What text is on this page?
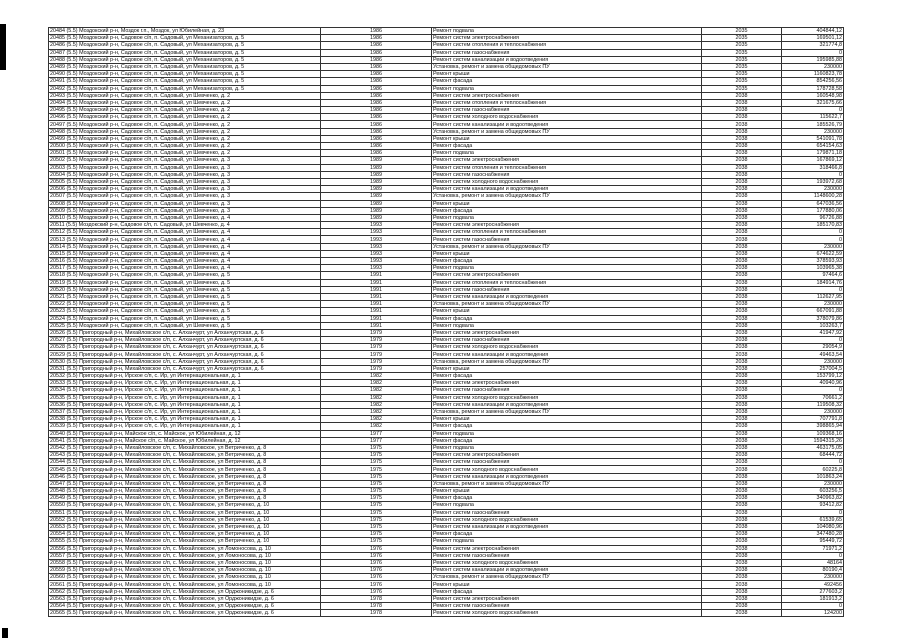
20484 (5.5) Моздокский р-н, Моздок г.п., Моздок, ул Юбилейная, д. 23	1986	Ремонт подвала	2035	404844,12
20485 (5.5) Моздокский р-н, Садовое с/п, п. Садовый, ул Механизаторов, д. 5	1986	Ремонт систем электроснабжения	2035	169501,12
20486 (5.5) Моздокский р-н, Садовое с/п, п. Садовый, ул Механизаторов, д. 5	1986	Ремонт систем отопления и теплоснабжения	2035	321774,8
20487 (5.5) Моздокский р-н, Садовое с/п, п. Садовый, ул Механизаторов, д. 5	1986	Ремонт систем газоснабжения	2035	0
20488 (5.5) Моздокский р-н, Садовое с/п, п. Садовый, ул Механизаторов, д. 5	1986	Ремонт систем канализации и водоотведения	2035	195985,88
20489 (5.5) Моздокский р-н, Садовое с/п, п. Садовый, ул Механизаторов, д. 5	1986	Установка, ремонт и замена общедомовых ПУ	2035	230000
20490 (5.5) Моздокский р-н, Садовое с/п, п. Садовый, ул Механизаторов, д. 5	1986	Ремонт крыши	2035	1160823,78
20491 (5.5) Моздокский р-н, Садовое с/п, п. Садовый, ул Механизаторов, д. 5	1986	Ремонт фасада	2035	854256,56
20492 (5.5) Моздокский р-н, Садовое с/п, п. Садовый, ул Механизаторов, д. 5	1986	Ремонт подвала	2035	178728,58
20493 (5.5) Моздокский р-н, Садовое с/п, п. Садовый, ул Шевченко, д. 2	1986	Ремонт систем электроснабжения	2038	160548,98
20494 (5.5) Моздокский р-н, Садовое с/п, п. Садовый, ул Шевченко, д. 2	1986	Ремонт систем отопления и теплоснабжения	2038	321675,66
20495 (5.5) Моздокский р-н, Садовое с/п, п. Садовый, ул Шевченко, д. 2	1986	Ремонт систем газоснабжения	2038	0
20496 (5.5) Моздокский р-н, Садовое с/п, п. Садовый, ул Шевченко, д. 2	1986	Ремонт систем холодного водоснабжения	2038	115622,7
20497 (5.5) Моздокский р-н, Садовое с/п, п. Садовый, ул Шевченко, д. 2	1986	Ремонт систем канализации и водоотведения	2038	185526,79
20498 (5.5) Моздокский р-н, Садовое с/п, п. Садовый, ул Шевченко, д. 2	1986	Установка, ремонт и замена общедомовых ПУ	2038	230000
20499 (5.5) Моздокский р-н, Садовое с/п, п. Садовый, ул Шевченко, д. 2	1986	Ремонт крыши	2038	541091,78
20500 (5.5) Моздокский р-н, Садовое с/п, п. Садовый, ул Шевченко, д. 2	1986	Ремонт фасада	2038	654154,63
20501 (5.5) Моздокский р-н, Садовое с/п, п. Садовый, ул Шевченко, д. 2	1986	Ремонт подвала	2038	179871,18
20502 (5.5) Моздокский р-н, Садовое с/п, п. Садовый, ул Шевченко, д. 3	1989	Ремонт систем электроснабжения	2038	167869,12
20503 (5.5) Моздокский р-н, Садовое с/п, п. Садовый, ул Шевченко, д. 3	1989	Ремонт систем отопления и теплоснабжения	2038	318466,8
20504 (5.5) Моздокский р-н, Садовое с/п, п. Садовый, ул Шевченко, д. 3	1989	Ремонт систем газоснабжения	2038	0
20505 (5.5) Моздокский р-н, Садовое с/п, п. Садовый, ул Шевченко, д. 3	1989	Ремонт систем холодного водоснабжения	2038	193972,68
20506 (5.5) Моздокский р-н, Садовое с/п, п. Садовый, ул Шевченко, д. 3	1989	Ремонт систем канализации и водоотведения	2038	230000
20507 (5.5) Моздокский р-н, Садовое с/п, п. Садовый, ул Шевченко, д. 3	1989	Установка, ремонт и замена общедомовых ПУ	2038	1148600,28
20508 (5.5) Моздокский р-н, Садовое с/п, п. Садовый, ул Шевченко, д. 3	1989	Ремонт крыши	2038	647036,56
20509 (5.5) Моздокский р-н, Садовое с/п, п. Садовый, ул Шевченко, д. 3	1989	Ремонт фасада	2038	177880,06
20510 (5.5) Моздокский р-н, Садовое с/п, п. Садовый, ул Шевченко, д. 4	1989	Ремонт подвала	2038	96726,88
20511 (5.5) Моздокский р-н, Садовое с/п, п. Садовый, ул Шевченко, д. 4	1993	Ремонт систем электроснабжения	2038	185170,83
20512 (5.5) Моздокский р-н, Садовое с/п, п. Садовый, ул Шевченко, д. 4	1993	Ремонт систем отопления и теплоснабжения	2038	0
20513 (5.5) Моздокский р-н, Садовое с/п, п. Садовый, ул Шевченко, д. 4	1993	Ремонт систем газоснабжения	2038	0
20514 (5.5) Моздокский р-н, Садовое с/п, п. Садовый, ул Шевченко, д. 4	1993	Установка, ремонт и замена общедомовых ПУ	2038	230000
20515 (5.5) Моздокский р-н, Садовое с/п, п. Садовый, ул Шевченко, д. 4	1993	Ремонт крыши	2038	674622,59
20516 (5.5) Моздокский р-н, Садовое с/п, п. Садовый, ул Шевченко, д. 4	1993	Ремонт фасада	2038	378593,93
20517 (5.5) Моздокский р-н, Садовое с/п, п. Садовый, ул Шевченко, д. 4	1993	Ремонт подвала	2038	103965,38
20518 (5.5) Моздокский р-н, Садовое с/п, п. Садовый, ул Шевченко, д. 5	1991	Ремонт систем электроснабжения	2038	97464,6
20519 (5.5) Моздокский р-н, Садовое с/п, п. Садовый, ул Шевченко, д. 5	1991	Ремонт систем отопления и теплоснабжения	2038	184914,76
20520 (5.5) Моздокский р-н, Садовое с/п, п. Садовый, ул Шевченко, д. 5	1991	Ремонт систем газоснабжения	2038	0
20521 (5.5) Моздокский р-н, Садовое с/п, п. Садовый, ул Шевченко, д. 5	1991	Ремонт систем канализации и водоотведения	2038	112627,95
20522 (5.5) Моздокский р-н, Садовое с/п, п. Садовый, ул Шевченко, д. 5	1991	Установка, ремонт и замена общедомовых ПУ	2038	230000
20523 (5.5) Моздокский р-н, Садовое с/п, п. Садовый, ул Шевченко, д. 5	1991	Ремонт крыши	2038	667091,88
20524 (5.5) Моздокский р-н, Садовое с/п, п. Садовый, ул Шевченко, д. 5	1991	Ремонт фасада	2038	378079,86
20525 (5.5) Моздокский р-н, Садовое с/п, п. Садовый, ул Шевченко, д. 5	1991	Ремонт подвала	2038	103263,7
20526 (5.5) Пригородный р-н, Михайловское с/п, с. Алханчурт, ул Алханчуртская, д. 6	1979	Ремонт систем электроснабжения	2038	41947,92
20527 (5.5) Пригородный р-н, Михайловское с/п, с. Алханчурт, ул Алханчуртская, д. 6	1979	Ремонт систем газоснабжения	2038	0
20528 (5.5) Пригородный р-н, Михайловское с/п, с. Алханчурт, ул Алханчуртская, д. 6	1979	Ремонт систем холодного водоснабжения	2038	29054,9
20529 (5.5) Пригородный р-н, Михайловское с/п, с. Алханчурт, ул Алханчуртская, д. 6	1979	Ремонт систем канализации и водоотведения	2038	49463,54
20530 (5.5) Пригородный р-н, Михайловское с/п, с. Алханчурт, ул Алханчуртская, д. 6	1979	Установка, ремонт и замена общедомовых ПУ	2038	230000
20531 (5.5) Пригородный р-н, Михайловское с/п, с. Алханчурт, ул Алханчуртская, д. 6	1979	Ремонт крыши	2038	257004,5
20532 (5.5) Пригородный р-н, Ирское с/п, с. Ир, ул Интернациональная, д. 1	1982	Ремонт фасада	2038	153799,12
20533 (5.5) Пригородный р-н, Ирское с/п, с. Ир, ул Интернациональная, д. 1	1982	Ремонт систем электроснабжения	2038	40940,96
20534 (5.5) Пригородный р-н, Ирское с/п, с. Ир, ул Интернациональная, д. 1	1982	Ремонт систем газоснабжения	2038	0
20535 (5.5) Пригородный р-н, Ирское с/п, с. Ир, ул Интернациональная, д. 1	1982	Ремонт систем холодного водоснабжения	2038	70661,2
20536 (5.5) Пригородный р-н, Ирское с/п, с. Ир, ул Интернациональная, д. 1	1982	Ремонт систем канализации и водоотведения	2038	119508,32
20537 (5.5) Пригородный р-н, Ирское с/п, с. Ир, ул Интернациональная, д. 1	1982	Установка, ремонт и замена общедомовых ПУ	2038	230000
20538 (5.5) Пригородный р-н, Ирское с/п, с. Ир, ул Интернациональная, д. 1	1982	Ремонт крыши	2038	707791,8
20539 (5.5) Пригородный р-н, Ирское с/п, с. Ир, ул Интернациональная, д. 1	1982	Ремонт фасада	2038	398865,94
20540 (5.5) Пригородный р-н, Майское с/п, с. Майское, ул Юбилейная, д. 12	1977	Ремонт подвала	2038	109368,16
20541 (5.5) Пригородный р-н, Майское с/п, с. Майское, ул Юбилейная, д. 12	1977	Ремонт фасада	2038	1594315,26
20542 (5.5) Пригородный р-н, Михайловское с/п, с. Михайловское, ул Ветриченко, д. 8	1975	Ремонт подвала	2038	463175,05
20543 (5.5) Пригородный р-н, Михайловское с/п, с. Михайловское, ул Ветриченко, д. 8	1975	Ремонт систем электроснабжения	2038	68444,72
20544 (5.5) Пригородный р-н, Михайловское с/п, с. Михайловское, ул Ветриченко, д. 8	1975	Ремонт систем газоснабжения	2038	0
20545 (5.5) Пригородный р-н, Михайловское с/п, с. Михайловское, ул Ветриченко, д. 8	1975	Ремонт систем холодного водоснабжения	2038	60225,8
20546 (5.5) Пригородный р-н, Михайловское с/п, с. Михайловское, ул Ветриченко, д. 8	1975	Ремонт систем канализации и водоотведения	2038	101863,24
20547 (5.5) Пригородный р-н, Михайловское с/п, с. Михайловское, ул Ветриченко, д. 8	1975	Установка, ремонт и замена общедомовых ПУ	2038	230000
20548 (5.5) Пригородный р-н, Михайловское с/п, с. Михайловское, ул Ветриченко, д. 8	1975	Ремонт крыши	2038	603256,5
20549 (5.5) Пригородный р-н, Михайловское с/п, с. Михайловское, ул Ветриченко, д. 8	1975	Ремонт фасада	2038	340963,82
20550 (5.5) Пригородный р-н, Михайловское с/п, с. Михайловское, ул Ветриченко, д. 10	1975	Ремонт подвала	2038	93412,82
20551 (5.5) Пригородный р-н, Михайловское с/п, с. Михайловское, ул Ветриченко, д. 10	1975	Ремонт систем газоснабжения	2038	0
20552 (5.5) Пригородный р-н, Михайловское с/п, с. Михайловское, ул Ветриченко, д. 10	1975	Ремонт систем холодного водоснабжения	2038	61539,65
20553 (5.5) Пригородный р-н, Михайловское с/п, с. Михайловское, ул Ветриченко, д. 10	1975	Ремонт систем канализации и водоотведения	2038	104080,96
20554 (5.5) Пригородный р-н, Михайловское с/п, с. Михайловское, ул Ветриченко, д. 10	1975	Ремонт фасада	2038	347480,28
20555 (5.5) Пригородный р-н, Михайловское с/п, с. Михайловское, ул Ветриченко, д. 10	1975	Ремонт подвала	2038	95449,72
20556 (5.5) Пригородный р-н, Михайловское с/п, с. Михайловское, ул Ломоносова, д. 10	1976	Ремонт систем электроснабжения	2038	71971,2
20557 (5.5) Пригородный р-н, Михайловское с/п, с. Михайловское, ул Ломоносова, д. 10	1976	Ремонт систем газоснабжения	2038	0
20558 (5.5) Пригородный р-н, Михайловское с/п, с. Михайловское, ул Ломоносова, д. 10	1976	Ремонт систем холодного водоснабжения	2038	48164
20559 (5.5) Пригородный р-н, Михайловское с/п, с. Михайловское, ул Ломоносова, д. 10	1976	Ремонт систем канализации и водоотведения	2038	80190,4
20560 (5.5) Пригородный р-н, Михайловское с/п, с. Михайловское, ул Ломоносова, д. 10	1976	Установка, ремонт и замена общедомовых ПУ	2038	230000
20561 (5.5) Пригородный р-н, Михайловское с/п, с. Михайловское, ул Ломоносова, д. 10	1976	Ремонт крыши	2038	492456
20562 (5.5) Пригородный р-н, Михайловское с/п, с. Михайловское, ул Орджоникидзе, д. 6	1976	Ремонт фасада	2038	277603,2
20563 (5.5) Пригородный р-н, Михайловское с/п, с. Михайловское, ул Орджоникидзе, д. 6	1978	Ремонт систем электроснабжения	2038	181913,2
20564 (5.5) Пригородный р-н, Михайловское с/п, с. Михайловское, ул Орджоникидзе, д. 6	1978	Ремонт систем газоснабжения	2038	0
20565 (5.5) Пригородный р-н, Михайловское с/п, с. Михайловское, ул Орджоникидзе, д. 6	1978	Ремонт систем холодного водоснабжения	2038	124200
